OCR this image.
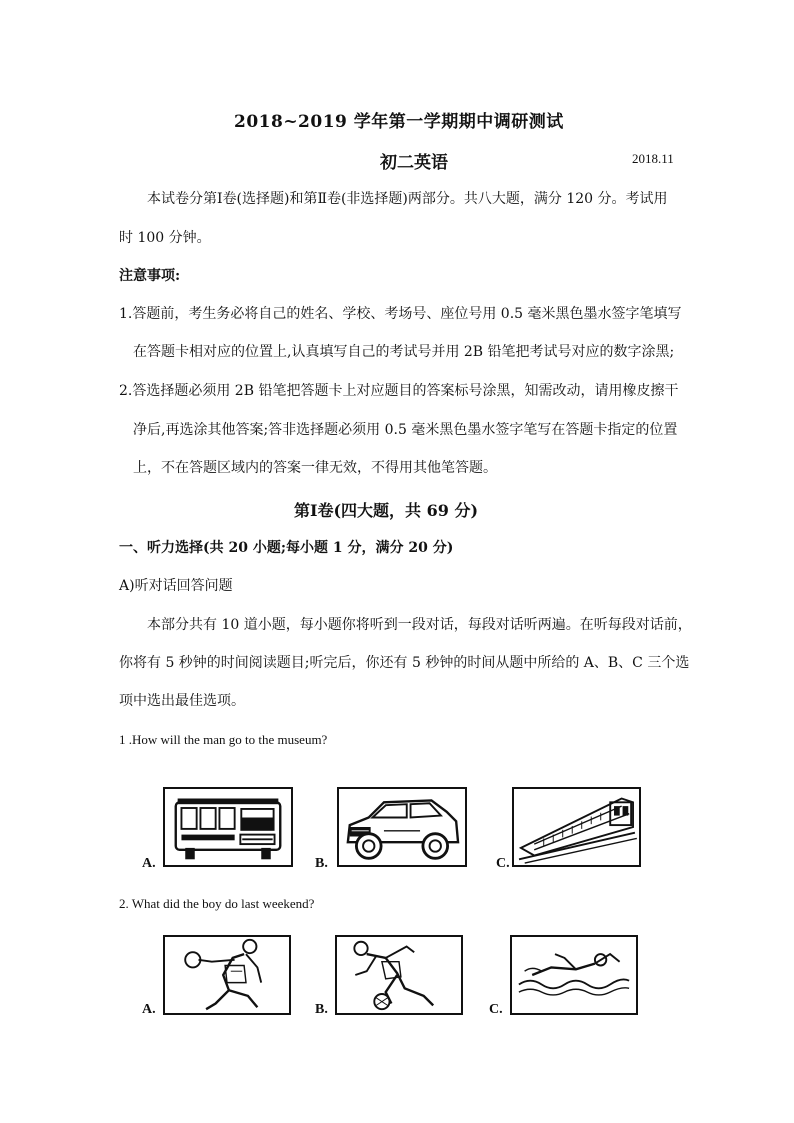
2018~2019 学年第一学期期中调研测试
初二英语	2018.11
本试卷分第Ⅰ卷(选择题)和第Ⅱ卷(非选择题)两部分。共八大题，满分 120 分。考试用
时 100 分钟。
注意事项:
1.答题前，考生务必将自己的姓名、学校、考场号、座位号用 0.5 毫米黑色墨水签字笔填写
在答题卡相对应的位置上,认真填写自己的考试号并用 2B 铅笔把考试号对应的数字涂黑;
2.答选择题必须用 2B 铅笔把答题卡上对应题目的答案标号涂黑，知需改动，请用橡皮擦干
净后,再选涂其他答案;答非选择题必须用 0.5 毫米黑色墨水签字笔写在答题卡指定的位置
上，不在答题区域内的答案一律无效，不得用其他笔答题。
第Ⅰ卷(四大题，共 69 分)
一、听力选择(共 20 小题;每小题 1 分，满分 20 分)
A)听对话回答问题
本部分共有 10 道小题，每小题你将听到一段对话，每段对话听两遍。在听每段对话前，
你将有 5 秒钟的时间阅读题目;听完后，你还有 5 秒钟的时间从题中所给的 A、B、C 三个选
项中选出最佳选项。
1 .How will the man go to the museum?
A.	B.	C.
2. What did the boy do last weekend?
A.	B.	C.
